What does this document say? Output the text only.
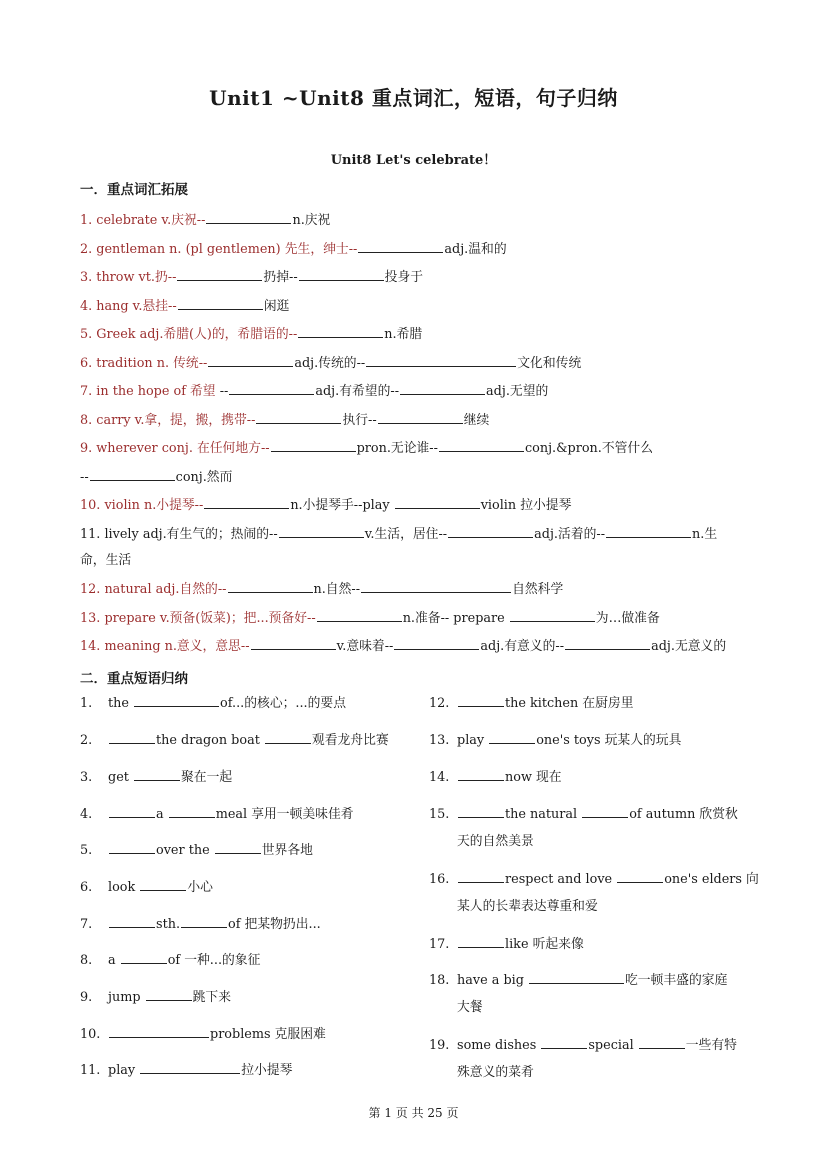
Unit1 ~Unit8 重点词汇，短语，句子归纳
Unit8 Let's celebrate！
一．重点词汇拓展
1. celebrate v.庆祝--	n.庆祝
2. gentleman n. (pl gentlemen) 先生，绅士--	adj.温和的
3. throw vt.扔--	扔掉--	投身于
4. hang v.悬挂--	闲逛
5. Greek adj.希腊(人)的，希腊语的--	n.希腊
6. tradition n. 传统--	adj.传统的--	文化和传统
7. in the hope of 希望 --	adj.有希望的--	adj.无望的
8. carry v.拿，提，搬，携带--	执行--	继续
9. wherever conj. 在任何地方--	pron.无论谁--	conj.&pron.不管什么
--	conj.然而
10. violin n.小提琴--	n.小提琴手--play	violin 拉小提琴
11. lively adj.有生气的；热闹的--	v.生活，居住--	adj.活着的--	n.生
命，生活
12. natural adj.自然的--	n.自然--	自然科学
13. prepare v.预备(饭菜)；把...预备好--	n.准备-- prepare	为…做准备
14. meaning n.意义，意思--	v.意味着--	adj.有意义的--	adj.无意义的
二．重点短语归纳
1. the	of...的核心；...的要点
2.	the dragon boat	观看龙舟比赛
3. get	聚在一起
4.	a	meal 享用一顿美味佳肴
5.	over the	世界各地
6. look	小心
7.	sth.	of 把某物扔出...
8. a	of 一种...的象征
9. jump	跳下来
10.	problems 克服困难
11. play	拉小提琴
12.	the kitchen 在厨房里
13. play	one's toys 玩某人的玩具
14.	now 现在
15.	the natural	of autumn 欣赏秋
天的自然美景
16.	respect and love	one's elders 向
某人的长辈表达尊重和爱
17.	like 听起来像
18. have a big	吃一顿丰盛的家庭
大餐
19. some dishes	special	一些有特
殊意义的菜肴
第 1 页 共 25 页
